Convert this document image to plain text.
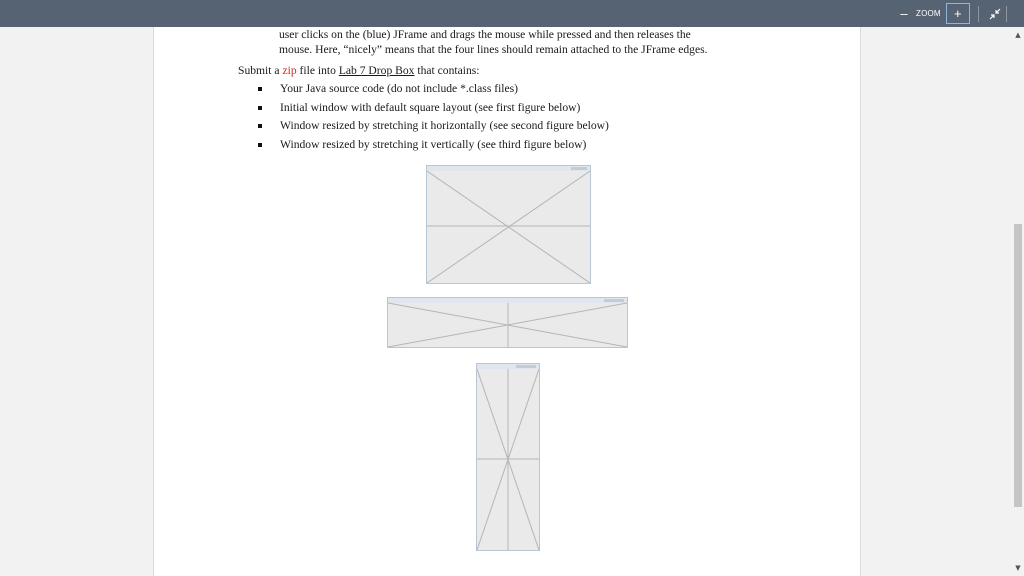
–	ZOOM	+
user clicks on the (blue) JFrame and drags the mouse while pressed and then releases the
mouse. Here, “nicely” means that the four lines should remain attached to the JFrame edges.
Submit a zip file into Lab 7 Drop Box that contains:
Your Java source code (do not include *.class files)
Initial window with default square layout (see first figure below)
Window resized by stretching it horizontally (see second figure below)
Window resized by stretching it vertically (see third figure below)
▲
▼
